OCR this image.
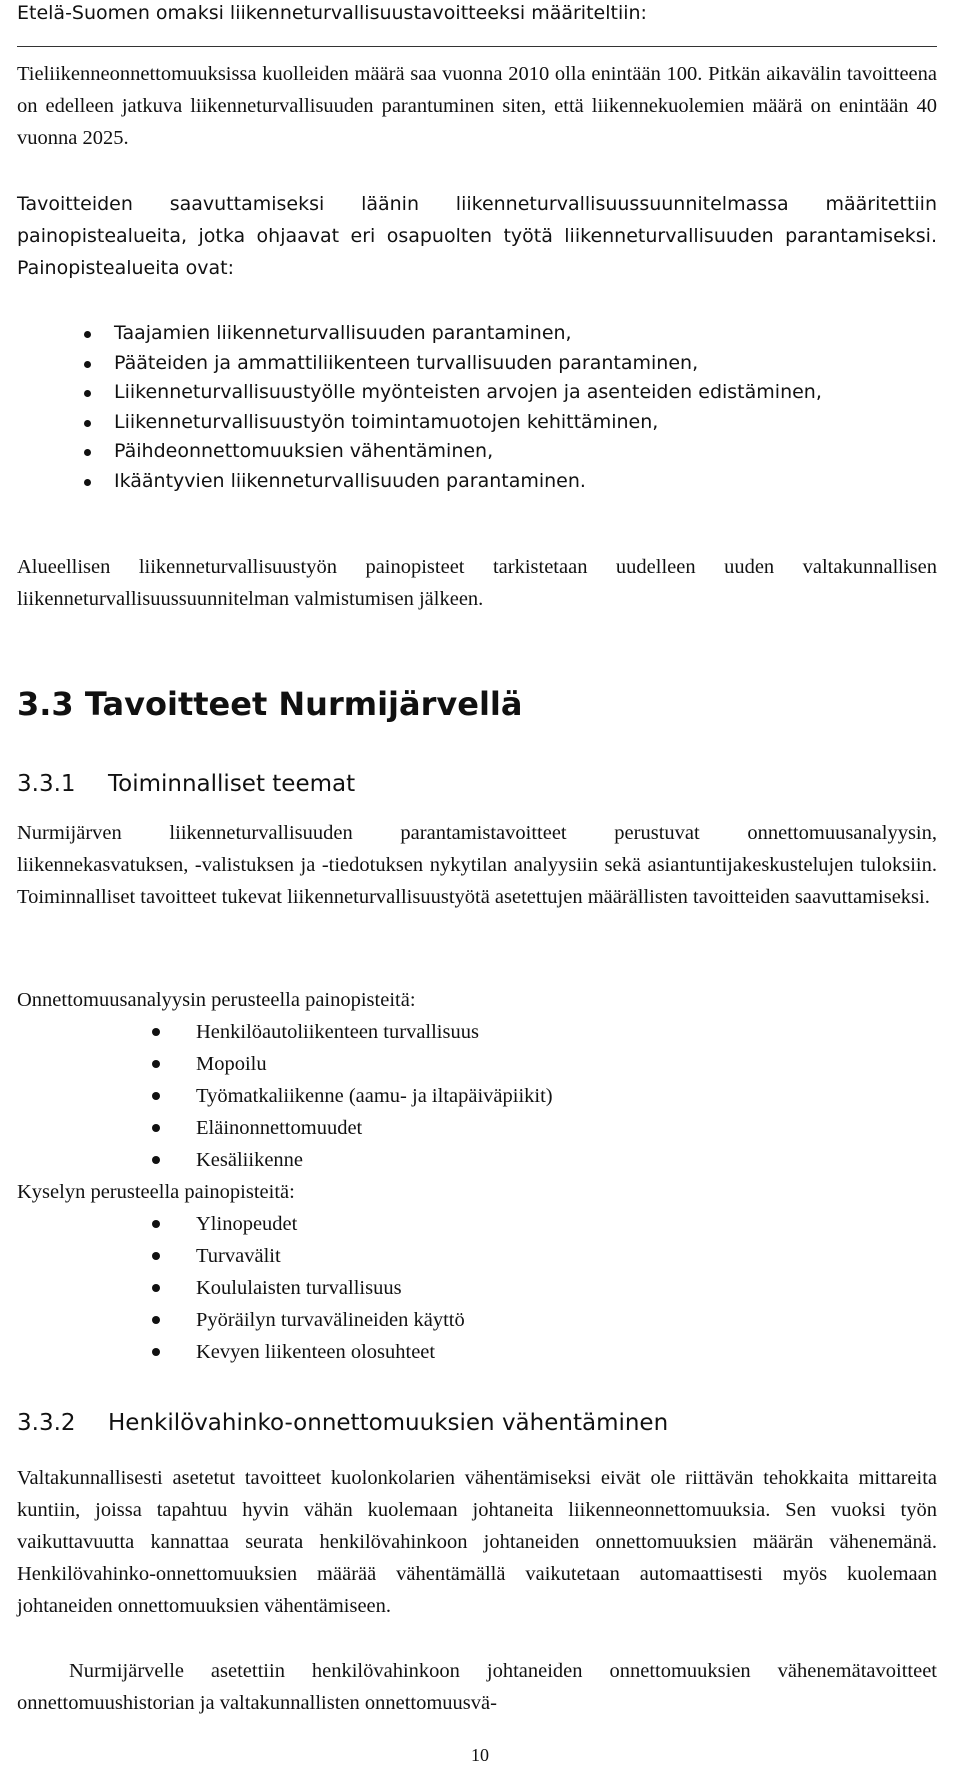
Etelä-Suomen omaksi liikenneturvallisuustavoitteeksi määriteltiin:

Tieliikenneonnettomuuksissa kuolleiden määrä saa vuonna 2010 olla enintään 100. Pitkän aikavälin tavoitteena on edelleen jatkuva liikenneturvallisuuden parantuminen siten, että liikennekuolemien määrä on enintään 40 vuonna 2025.

Tavoitteiden saavuttamiseksi läänin liikenneturvallisuussuunnitelmassa määritettiin painopistealueita, jotka ohjaavat eri osapuolten työtä liikenneturvallisuuden parantamiseksi. Painopistealueita ovat:

Taajamien liikenneturvallisuuden parantaminen,
Pääteiden ja ammattiliikenteen turvallisuuden parantaminen,
Liikenneturvallisuustyölle myönteisten arvojen ja asenteiden edistäminen,
Liikenneturvallisuustyön toimintamuotojen kehittäminen,
Päihdeonnettomuuksien vähentäminen,
Ikääntyvien liikenneturvallisuuden parantaminen.

Alueellisen liikenneturvallisuustyön painopisteet tarkistetaan uudelleen uuden valtakunnallisen liikenneturvallisuussuunnitelman valmistumisen jälkeen.

3.3 Tavoitteet Nurmijärvellä
3.3.1 Toiminnalliset teemat

Nurmijärven liikenneturvallisuuden parantamistavoitteet perustuvat onnettomuusanalyysin, liikennekasvatuksen, -valistuksen ja -tiedotuksen nykytilan analyysiin sekä asiantuntijakeskustelujen tuloksiin. Toiminnalliset tavoitteet tukevat liikenneturvallisuustyötä asetettujen määrällisten tavoitteiden saavuttamiseksi.

Onnettomuusanalyysin perusteella painopisteitä:

Henkilöautoliikenteen turvallisuus
Mopoilu
Työmatkaliikenne (aamu- ja iltapäiväpiikit)
Eläinonnettomuudet
Kesäliikenne

Kyselyn perusteella painopisteitä:

Ylinopeudet
Turvavälit
Koululaisten turvallisuus
Pyöräilyn turvavälineiden käyttö
Kevyen liikenteen olosuhteet
3.3.2 Henkilövahinko-onnettomuuksien vähentäminen

Valtakunnallisesti asetetut tavoitteet kuolonkolarien vähentämiseksi eivät ole riittävän tehokkaita mittareita kuntiin, joissa tapahtuu hyvin vähän kuolemaan johtaneita liikenneonnettomuuksia. Sen vuoksi työn vaikuttavuutta kannattaa seurata henkilövahinkoon johtaneiden onnettomuuksien määrän vähenemänä. Henkilövahinko-onnettomuuksien määrää vähentämällä vaikutetaan automaattisesti myös kuolemaan johtaneiden onnettomuuksien vähentämiseen.

Nurmijärvelle asetettiin henkilövahinkoon johtaneiden onnettomuuksien vähenemätavoitteet onnettomuushistorian ja valtakunnallisten onnettomuusvä-

10
